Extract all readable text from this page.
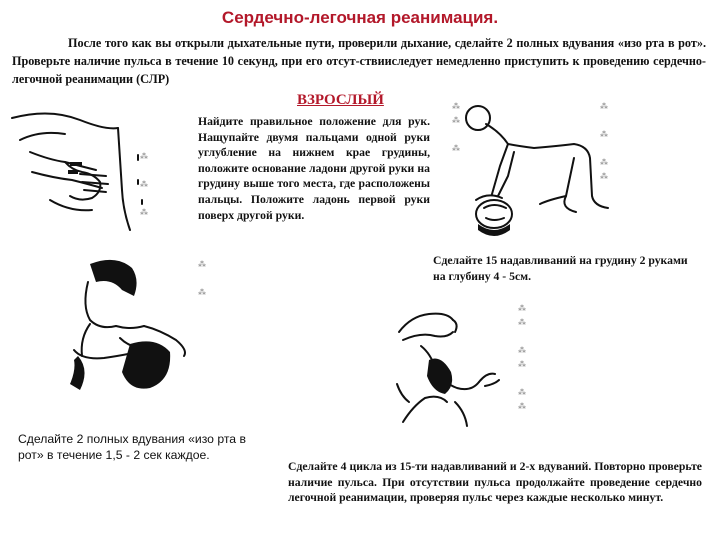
Сердечно-легочная реанимация.
После того как вы открыли дыхательные пути, проверили дыхание, сделайте 2 полных вдувания «изо рта в рот». Проверьте наличие пульса в течение 10 секунд, при его отсут-ствииследует немедленно приступить к проведению сердечно-легочной реанимации (СЛР)
ВЗРОСЛЫЙ
⁂

⁂

⁂
Найдите правильное положение для рук. Нащупайте двумя пальцами одной руки углубление на нижнем крае грудины, положите основание ладони другой руки на грудину выше того места, где расположены пальцы. Положите ладонь первой руки поверх другой руки.
⁂
⁂

⁂
⁂

⁂

⁂
⁂
Сделайте 15 надавливаний на грудину 2 руками на глубину 4 - 5см.
⁂

⁂
Сделайте 2 полных вдувания «изо рта в рот» в течение 1,5 - 2 сек каждое.
⁂
⁂

⁂
⁂

⁂
⁂
Сделайте 4 цикла из 15-ти надавливаний и 2-х вдуваний. Повторно проверьте наличие пульса. При отсутствии пульса продолжайте проведение сердечно легочной реанимации, проверяя пульс через каждые несколько минут.
